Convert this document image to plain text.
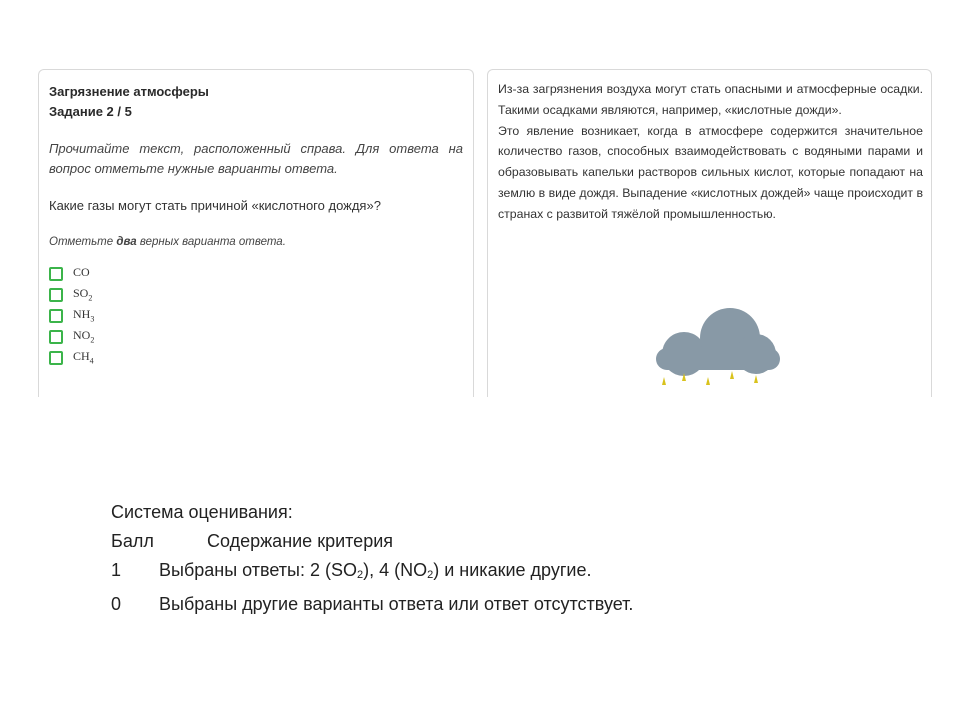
Загрязнение атмосферы
Задание 2 / 5
Прочитайте текст, расположенный справа. Для ответа на вопрос отметьте нужные варианты ответа.
Какие газы могут стать причиной «кислотного дождя»?
Отметьте два верных варианта ответа.
CO
$SO_2$
$NH_3$
$NO_2$
$CH_4$

Из-за загрязнения воздуха могут стать опасными и атмосферные осадки. Такими осадками являются, например, «кислотные дожди».

Это явление возникает, когда в атмосфере содержится значительное количество газов, способных взаимодействовать с водяными парами и образовывать капельки растворов сильных кислот, которые попадают на землю в виде дождя. Выпадение «кислотных дождей» чаще происходит в странах с развитой тяжёлой промышленностью.

Система оценивания:
Балл	Содержание критерия
1	Выбраны ответы: 2 $(SO_2)$, 4 $(NO_2)$ и никакие другие.
0	Выбраны другие варианты ответа или ответ отсутствует.
